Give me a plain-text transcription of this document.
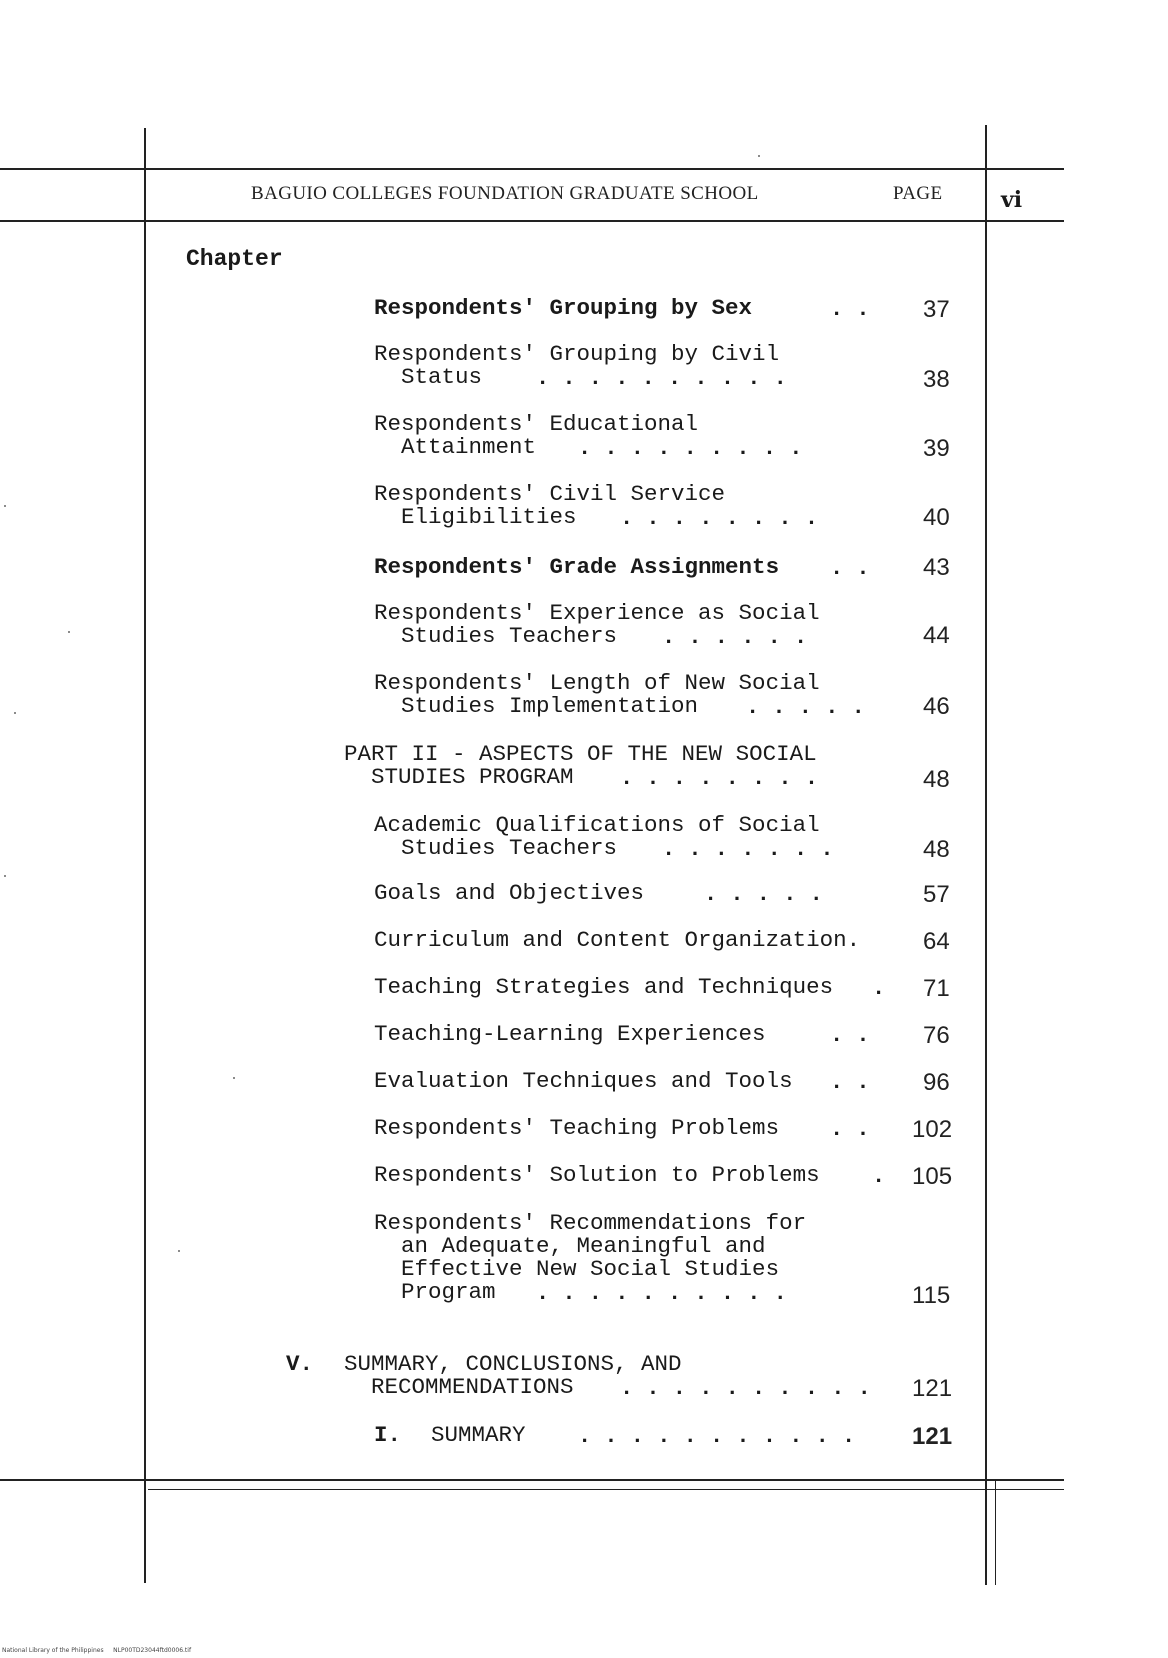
BAGUIO COLLEGES FOUNDATION GRADUATE SCHOOL	PAGE	vi
Chapter
Respondents' Grouping by Sex	. . 37
Respondents' Grouping by Civil
Status . . . . . . . . . .	38
Respondents' Educational
Attainment . . . . . . . . .	39
Respondents' Civil Service
Eligibilities . . . . . . . .	40
Respondents' Grade Assignments . . 43
Respondents' Experience as Social
Studies Teachers . . . . . .	44
Respondents' Length of New Social
Studies Implementation . . . . . 46
PART II - ASPECTS OF THE NEW SOCIAL
STUDIES PROGRAM . . . . . . . .	48
Academic Qualifications of Social
Studies Teachers . . . . . . .	48
Goals and Objectives	. . . . .	57
Curriculum and Content Organization.	64
Teaching Strategies and Techniques . 71
Teaching-Learning Experiences	. . 76
Evaluation Techniques and Tools . . 96
Respondents' Teaching Problems . . 102
Respondents' Solution to Problems . 105
Respondents' Recommendations for
an Adequate, Meaningful and
Effective New Social Studies
Program . . . . . . . . . .	115
V. SUMMARY, CONCLUSIONS, AND
RECOMMENDATIONS . . . . . . . . . . 121
I. SUMMARY . . . . . . . . . . . 121
National Library of the Philippines NLP00TD23044ftd0006.tif
